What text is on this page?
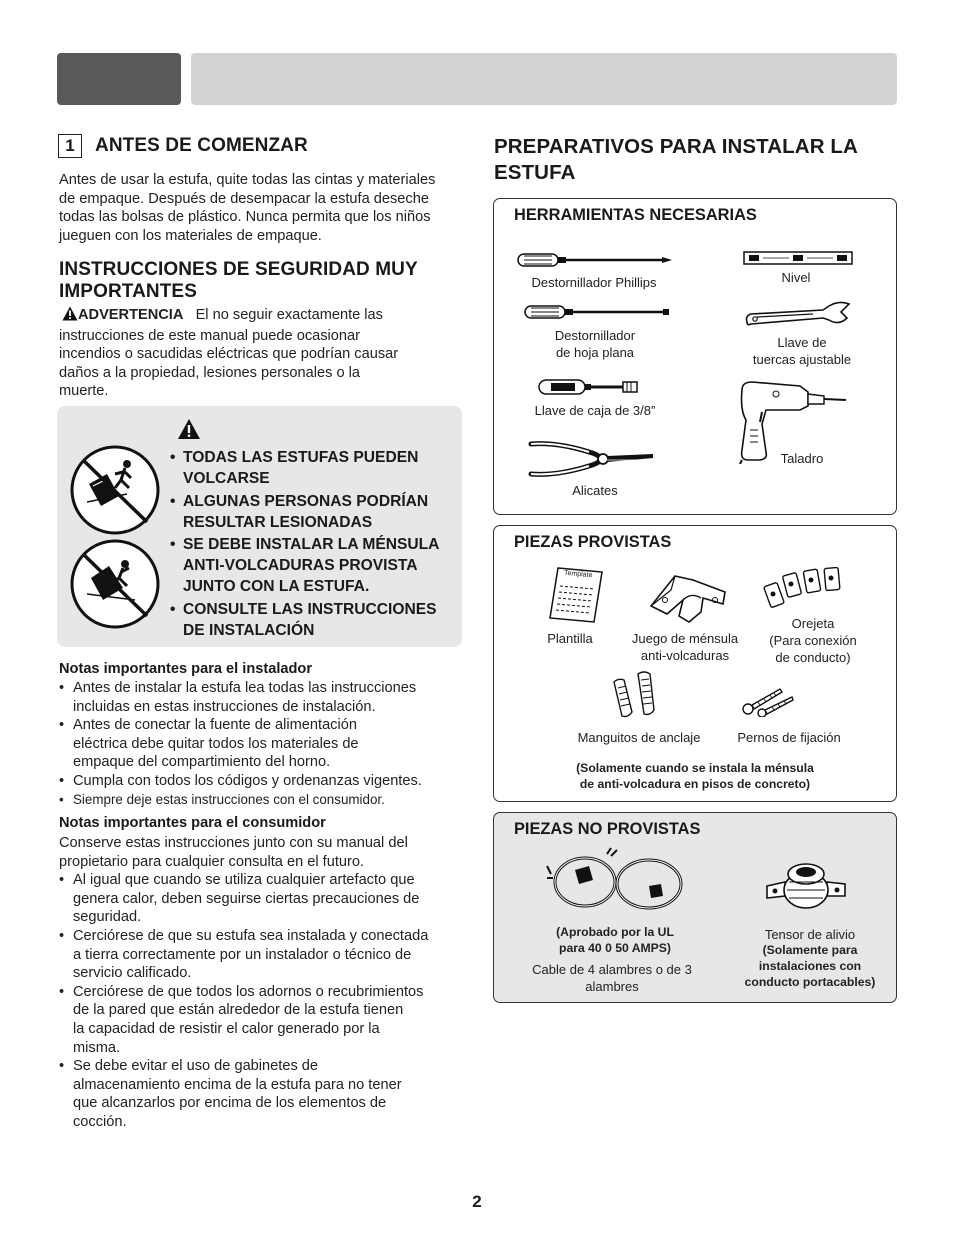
1	ANTES DE COMENZAR
Antes de usar la estufa, quite todas las cintas y materiales
de empaque. Después de desempacar la estufa deseche
todas las bolsas de plástico. Nunca permita que los niños
jueguen con los materiales de empaque.
INSTRUCCIONES DE SEGURIDAD MUY
IMPORTANTES
ADVERTENCIA El no seguir exactamente las
instrucciones de este manual puede ocasionar
incendios o sacudidas eléctricas que podrían causar
daños a la propiedad, lesiones personales o la
muerte.
• TODAS LAS ESTUFAS PUEDEN
VOLCARSE
• ALGUNAS PERSONAS PODRÍAN
RESULTAR LESIONADAS
• SE DEBE INSTALAR LA MÉNSULA
ANTI-VOLCADURAS PROVISTA
JUNTO CON LA ESTUFA.
• CONSULTE LAS INSTRUCCIONES
DE INSTALACIÓN
Notas importantes para el instalador
• Antes de instalar la estufa lea todas las instrucciones
incluidas en estas instrucciones de instalación.
• Antes de conectar la fuente de alimentación
eléctrica debe quitar todos los materiales de
empaque del compartimiento del horno.
• Cumpla con todos los códigos y ordenanzas vigentes.
• Siempre deje estas instrucciones con el consumidor.
Notas importantes para el consumidor
Conserve estas instrucciones junto con su manual del
propietario para cualquier consulta en el futuro.
• Al igual que cuando se utiliza cualquier artefacto que
genera calor, deben seguirse ciertas precauciones de
seguridad.
• Cerciórese de que su estufa sea instalada y conectada
a tierra correctamente por un instalador o técnico de
servicio calificado.
• Cerciórese de que todos los adornos o recubrimientos
de la pared que están alrededor de la estufa tienen
la capacidad de resistir el calor generado por la
misma.
• Se debe evitar el uso de gabinetes de
almacenamiento encima de la estufa para no tener
que alcanzarlos por encima de los elementos de
cocción.
PREPARATIVOS PARA INSTALAR LA
ESTUFA
HERRAMIENTAS NECESARIAS
Destornillador Phillips	Nivel
Destornillador
de hoja plana
Llave de
tuercas ajustable
Llave de caja de 3/8”
Taladro
Alicates
PIEZAS PROVISTAS
Template
Plantilla	Juego de ménsula
anti-volcaduras
Orejeta
(Para conexión
de conducto)
Manguitos de anclaje	Pernos de fijación
(Solamente cuando se instala la ménsula
de anti-volcadura en pisos de concreto)
PIEZAS NO PROVISTAS
(Aprobado por la UL
para 40 0 50 AMPS)
Cable de 4 alambres o de 3
alambres
Tensor de alivio
(Solamente para
instalaciones con
conducto portacables)
2
